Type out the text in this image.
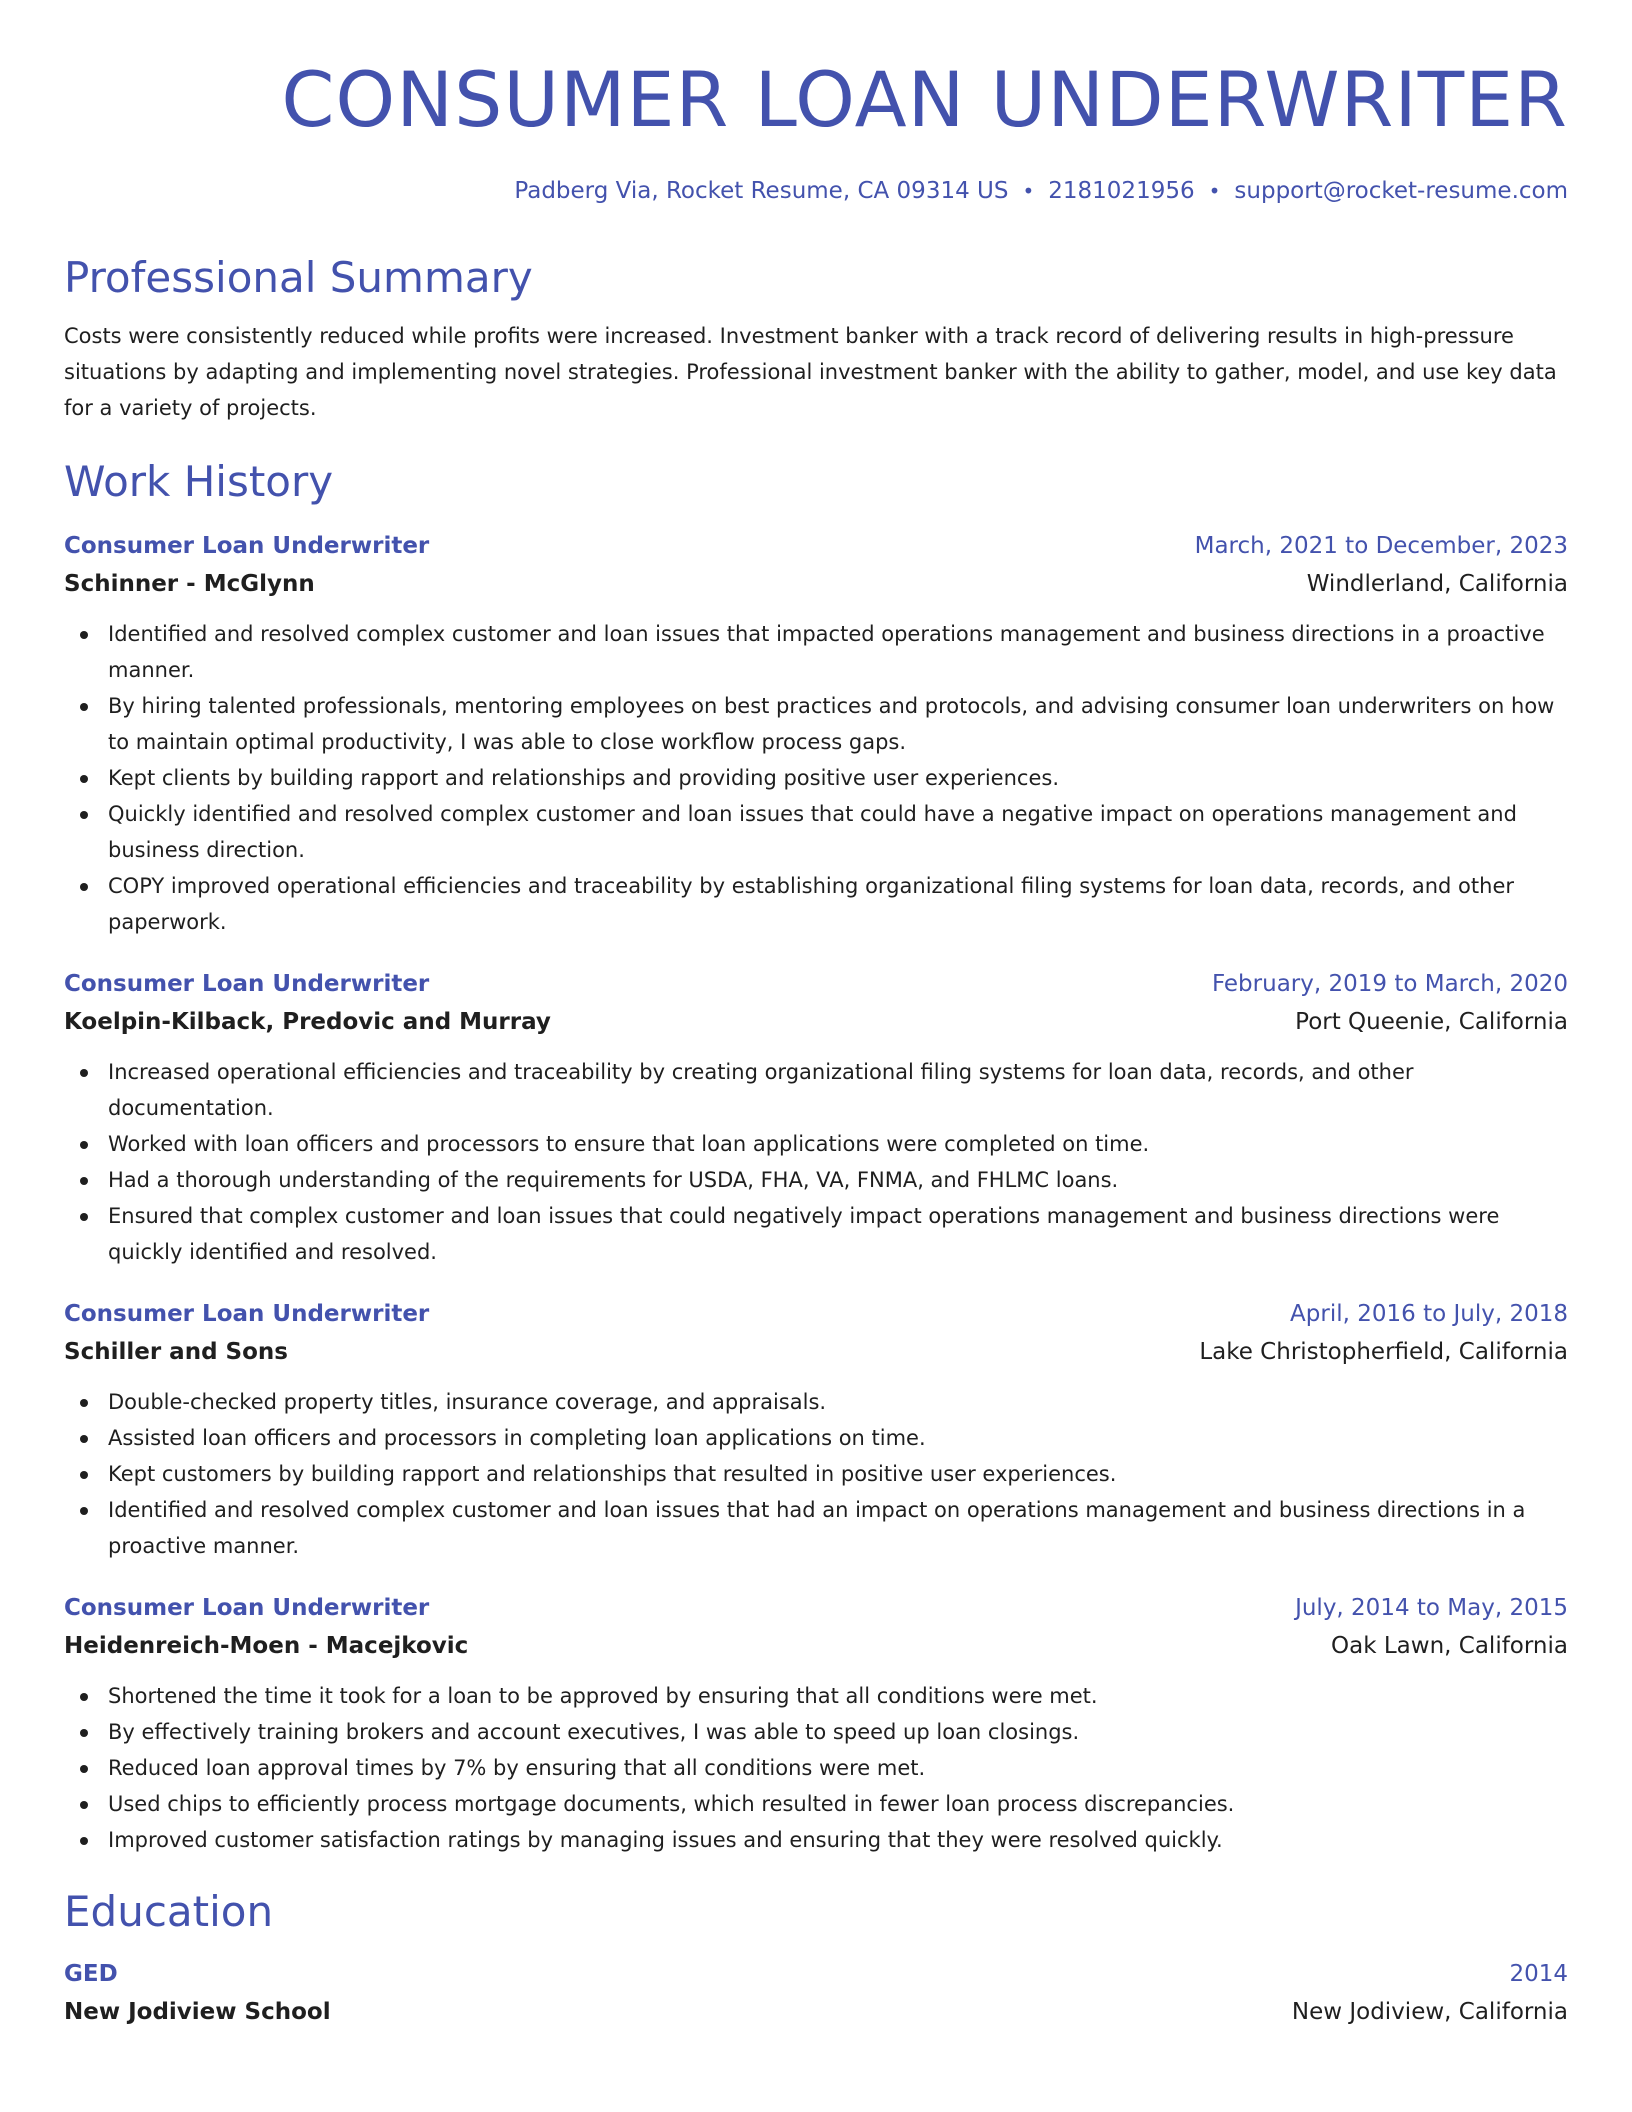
CONSUMER LOAN UNDERWRITER
Padberg Via, Rocket Resume, CA 09314 US • 2181021956 • support@rocket-resume.com
Professional Summary

Costs were consistently reduced while profits were increased. Investment banker with a track record of delivering results in high-pressure situations by adapting and implementing novel strategies. Professional investment banker with the ability to gather, model, and use key data for a variety of projects.

Work History
Consumer Loan Underwriter	March, 2021 to December, 2023
Schinner - McGlynn	Windlerland, California
Identified and resolved complex customer and loan issues that impacted operations management and business directions in a proactive manner.
By hiring talented professionals, mentoring employees on best practices and protocols, and advising consumer loan underwriters on how to maintain optimal productivity, I was able to close workflow process gaps.
Kept clients by building rapport and relationships and providing positive user experiences.
Quickly identified and resolved complex customer and loan issues that could have a negative impact on operations management and business direction.
COPY improved operational efficiencies and traceability by establishing organizational filing systems for loan data, records, and other paperwork.
Consumer Loan Underwriter	February, 2019 to March, 2020
Koelpin-Kilback, Predovic and Murray	Port Queenie, California
Increased operational efficiencies and traceability by creating organizational filing systems for loan data, records, and other documentation.
Worked with loan officers and processors to ensure that loan applications were completed on time.
Had a thorough understanding of the requirements for USDA, FHA, VA, FNMA, and FHLMC loans.
Ensured that complex customer and loan issues that could negatively impact operations management and business directions were quickly identified and resolved.
Consumer Loan Underwriter	April, 2016 to July, 2018
Schiller and Sons	Lake Christopherfield, California
Double-checked property titles, insurance coverage, and appraisals.
Assisted loan officers and processors in completing loan applications on time.
Kept customers by building rapport and relationships that resulted in positive user experiences.
Identified and resolved complex customer and loan issues that had an impact on operations management and business directions in a proactive manner.
Consumer Loan Underwriter	July, 2014 to May, 2015
Heidenreich-Moen - Macejkovic	Oak Lawn, California
Shortened the time it took for a loan to be approved by ensuring that all conditions were met.
By effectively training brokers and account executives, I was able to speed up loan closings.
Reduced loan approval times by 7% by ensuring that all conditions were met.
Used chips to efficiently process mortgage documents, which resulted in fewer loan process discrepancies.
Improved customer satisfaction ratings by managing issues and ensuring that they were resolved quickly.
Education
GED	2014
New Jodiview School	New Jodiview, California
